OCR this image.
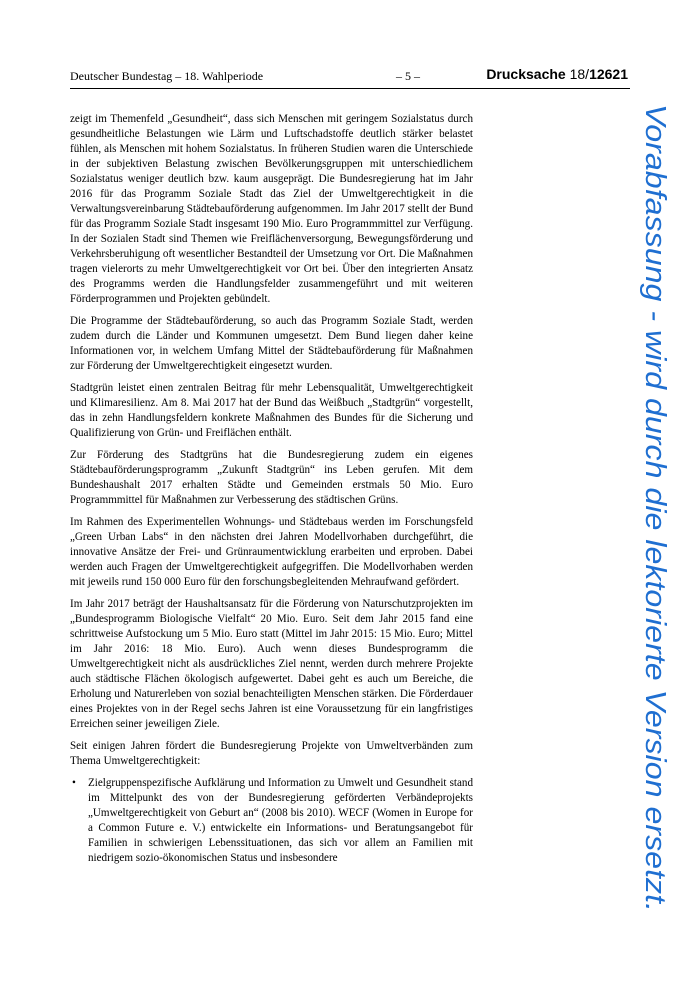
Deutscher Bundestag – 18. Wahlperiode	– 5 –	Drucksache 18/12621

zeigt im Themenfeld „Gesundheit“, dass sich Menschen mit geringem Sozialstatus durch gesundheitliche Belastungen wie Lärm und Luftschadstoffe deutlich stärker belastet fühlen, als Menschen mit hohem Sozialstatus. In früheren Studien waren die Unterschiede in der subjektiven Belastung zwischen Bevölkerungsgruppen mit unterschiedlichem Sozialstatus weniger deutlich bzw. kaum ausgeprägt. Die Bundesregierung hat im Jahr 2016 für das Programm Soziale Stadt das Ziel der Umweltgerechtigkeit in die Verwaltungsvereinbarung Städtebauförderung aufgenommen. Im Jahr 2017 stellt der Bund für das Programm Soziale Stadt insgesamt 190 Mio. Euro Programmmittel zur Verfügung. In der Sozialen Stadt sind Themen wie Freiflächenversorgung, Bewegungsförderung und Verkehrsberuhigung oft wesentlicher Bestandteil der Umsetzung vor Ort. Die Maßnahmen tragen vielerorts zu mehr Umweltgerechtigkeit vor Ort bei. Über den integrierten Ansatz des Programms werden die Handlungsfelder zusammengeführt und mit weiteren Förderprogrammen und Projekten gebündelt.

Die Programme der Städtebauförderung, so auch das Programm Soziale Stadt, werden zudem durch die Länder und Kommunen umgesetzt. Dem Bund liegen daher keine Informationen vor, in welchem Umfang Mittel der Städtebauförderung für Maßnahmen zur Förderung der Umweltgerechtigkeit eingesetzt wurden.

Stadtgrün leistet einen zentralen Beitrag für mehr Lebensqualität, Umweltgerechtigkeit und Klimaresilienz. Am 8. Mai 2017 hat der Bund das Weißbuch „Stadtgrün“ vorgestellt, das in zehn Handlungsfeldern konkrete Maßnahmen des Bundes für die Sicherung und Qualifizierung von Grün- und Freiflächen enthält.

Zur Förderung des Stadtgrüns hat die Bundesregierung zudem ein eigenes Städtebauförderungsprogramm „Zukunft Stadtgrün“ ins Leben gerufen. Mit dem Bundeshaushalt 2017 erhalten Städte und Gemeinden erstmals 50 Mio. Euro Programmmittel für Maßnahmen zur Verbesserung des städtischen Grüns.

Im Rahmen des Experimentellen Wohnungs- und Städtebaus werden im Forschungsfeld „Green Urban Labs“ in den nächsten drei Jahren Modellvorhaben durchgeführt, die innovative Ansätze der Frei- und Grünraumentwicklung erarbeiten und erproben. Dabei werden auch Fragen der Umweltgerechtigkeit aufgegriffen. Die Modellvorhaben werden mit jeweils rund 150 000 Euro für den forschungsbegleitenden Mehraufwand gefördert.

Im Jahr 2017 beträgt der Haushaltsansatz für die Förderung von Naturschutzprojekten im „Bundesprogramm Biologische Vielfalt“ 20 Mio. Euro. Seit dem Jahr 2015 fand eine schrittweise Aufstockung um 5 Mio. Euro statt (Mittel im Jahr 2015: 15 Mio. Euro; Mittel im Jahr 2016: 18 Mio. Euro). Auch wenn dieses Bundesprogramm die Umweltgerechtigkeit nicht als ausdrückliches Ziel nennt, werden durch mehrere Projekte auch städtische Flächen ökologisch aufgewertet. Dabei geht es auch um Bereiche, die Erholung und Naturerleben von sozial benachteiligten Menschen stärken. Die Förderdauer eines Projektes von in der Regel sechs Jahren ist eine Voraussetzung für ein langfristiges Erreichen seiner jeweiligen Ziele.

Seit einigen Jahren fördert die Bundesregierung Projekte von Umweltverbänden zum Thema Umweltgerechtigkeit:

• Zielgruppenspezifische Aufklärung und Information zu Umwelt und Gesundheit stand im Mittelpunkt des von der Bundesregierung geförderten Verbändeprojekts „Umweltgerechtigkeit von Geburt an“ (2008 bis 2010). WECF (Women in Europe for a Common Future e. V.) entwickelte ein Informations- und Beratungsangebot für Familien in schwierigen Lebenssituationen, das sich vor allem an Familien mit niedrigem sozio-ökonomischen Status und insbesondere
Vorabfassung - wird durch die lektorierte Version ersetzt.
